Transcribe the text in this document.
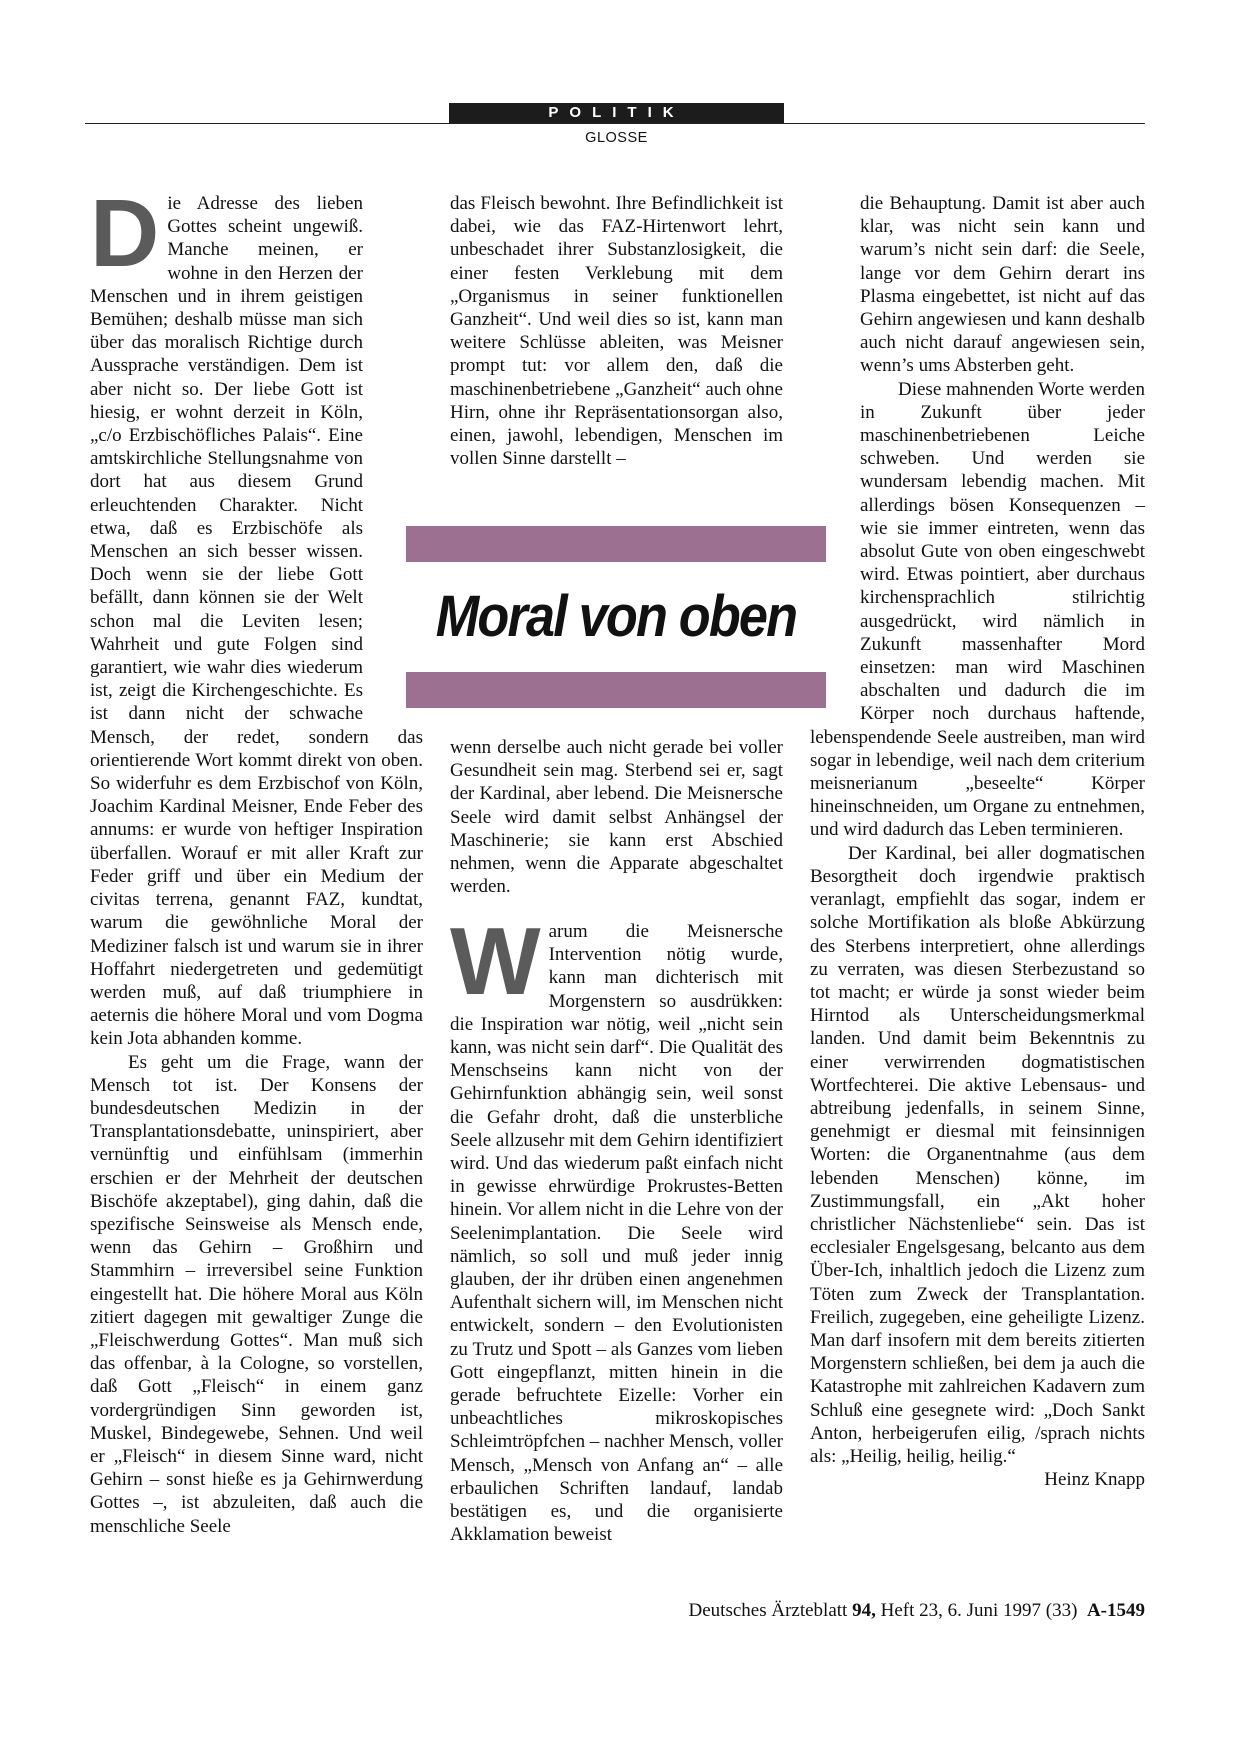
POLITIK
GLOSSE

Die Adresse des lieben Gottes scheint ungewiß. Manche meinen, er wohne in den Herzen der Menschen und in ihrem geistigen Bemühen; deshalb müsse man sich über das moralisch Richtige durch Aussprache verständigen. Dem ist aber nicht so. Der liebe Gott ist hiesig, er wohnt derzeit in Köln, „c/o Erzbischöfliches Palais“. Eine amtskirchliche Stellungsnahme von dort hat aus diesem Grund erleuchtenden Charakter. Nicht etwa, daß es Erzbischöfe als Menschen an sich besser wissen. Doch wenn sie der liebe Gott befällt, dann können sie der Welt schon mal die Leviten lesen; Wahrheit und gute Folgen sind garantiert, wie wahr dies wiederum ist, zeigt die Kirchengeschichte. Es ist dann nicht der schwache Mensch, der redet, sondern das orientierende Wort kommt direkt von oben. So widerfuhr es dem Erzbischof von Köln, Joachim Kardinal Meisner, Ende Feber des annums: er wurde von heftiger Inspiration überfallen. Worauf er mit aller Kraft zur Feder griff und über ein Medium der civitas terrena, genannt FAZ, kundtat, warum die gewöhnliche Moral der Mediziner falsch ist und warum sie in ihrer Hoffahrt niedergetreten und gedemütigt werden muß, auf daß triumphiere in aeternis die höhere Moral und vom Dogma kein Jota abhanden komme.

Es geht um die Frage, wann der Mensch tot ist. Der Konsens der bundesdeutschen Medizin in der Transplantationsdebatte, uninspiriert, aber vernünftig und einfühlsam (immerhin erschien er der Mehrheit der deutschen Bischöfe akzeptabel), ging dahin, daß die spezifische Seinsweise als Mensch ende, wenn das Gehirn – Großhirn und Stammhirn – irreversibel seine Funktion eingestellt hat. Die höhere Moral aus Köln zitiert dagegen mit gewaltiger Zunge die „Fleischwerdung Gottes“. Man muß sich das offenbar, à la Cologne, so vorstellen, daß Gott „Fleisch“ in einem ganz vordergründigen Sinn geworden ist, Muskel, Bindegewebe, Sehnen. Und weil er „Fleisch“ in diesem Sinne ward, nicht Gehirn – sonst hieße es ja Gehirnwerdung Gottes –, ist abzuleiten, daß auch die menschliche Seele

das Fleisch bewohnt. Ihre Befindlichkeit ist dabei, wie das FAZ-Hirtenwort lehrt, unbeschadet ihrer Substanzlosigkeit, die einer festen Verklebung mit dem „Organismus in seiner funktionellen Ganzheit“. Und weil dies so ist, kann man weitere Schlüsse ableiten, was Meisner prompt tut: vor allem den, daß die maschinenbetriebene „Ganzheit“ auch ohne Hirn, ohne ihr Repräsentationsorgan also, einen, jawohl, lebendigen, Menschen im vollen Sinne darstellt –

Moral von oben

wenn derselbe auch nicht gerade bei voller Gesundheit sein mag. Sterbend sei er, sagt der Kardinal, aber lebend. Die Meisnersche Seele wird damit selbst Anhängsel der Maschinerie; sie kann erst Abschied nehmen, wenn die Apparate abgeschaltet werden.

Warum die Meisnersche Intervention nötig wurde, kann man dichterisch mit Morgenstern so ausdrükken: die Inspiration war nötig, weil „nicht sein kann, was nicht sein darf“. Die Qualität des Menschseins kann nicht von der Gehirnfunktion abhängig sein, weil sonst die Gefahr droht, daß die unsterbliche Seele allzusehr mit dem Gehirn identifiziert wird. Und das wiederum paßt einfach nicht in gewisse ehrwürdige Prokrustes-Betten hinein. Vor allem nicht in die Lehre von der Seelenimplantation. Die Seele wird nämlich, so soll und muß jeder innig glauben, der ihr drüben einen angenehmen Aufenthalt sichern will, im Menschen nicht entwickelt, sondern – den Evolutionisten zu Trutz und Spott – als Ganzes vom lieben Gott eingepflanzt, mitten hinein in die gerade befruchtete Eizelle: Vorher ein unbeachtliches mikroskopisches Schleimtröpfchen – nachher Mensch, voller Mensch, „Mensch von Anfang an“ – alle erbaulichen Schriften landauf, landab bestätigen es, und die organisierte Akklamation beweist

die Behauptung. Damit ist aber auch klar, was nicht sein kann und warum’s nicht sein darf: die Seele, lange vor dem Gehirn derart ins Plasma eingebettet, ist nicht auf das Gehirn angewiesen und kann deshalb auch nicht darauf angewiesen sein, wenn’s ums Absterben geht.

Diese mahnenden Worte werden in Zukunft über jeder maschinenbetriebenen Leiche schweben. Und werden sie wundersam lebendig machen. Mit allerdings bösen Konsequenzen – wie sie immer eintreten, wenn das absolut Gute von oben eingeschwebt wird. Etwas pointiert, aber durchaus kirchensprachlich stilrichtig ausgedrückt, wird nämlich in Zukunft massenhafter Mord einsetzen: man wird Maschinen abschalten und dadurch die im Körper noch durchaus haftende, lebenspendende Seele austreiben, man wird sogar in lebendige, weil nach dem criterium meisnerianum „beseelte“ Körper hineinschneiden, um Organe zu entnehmen, und wird dadurch das Leben terminieren.

Der Kardinal, bei aller dogmatischen Besorgtheit doch irgendwie praktisch veranlagt, empfiehlt das sogar, indem er solche Mortifikation als bloße Abkürzung des Sterbens interpretiert, ohne allerdings zu verraten, was diesen Sterbezustand so tot macht; er würde ja sonst wieder beim Hirntod als Unterscheidungsmerkmal landen. Und damit beim Bekenntnis zu einer verwirrenden dogmatistischen Wortfechterei. Die aktive Lebensaus- und abtreibung jedenfalls, in seinem Sinne, genehmigt er diesmal mit feinsinnigen Worten: die Organentnahme (aus dem lebenden Menschen) könne, im Zustimmungsfall, ein „Akt hoher christlicher Nächstenliebe“ sein. Das ist ecclesialer Engelsgesang, belcanto aus dem Über-Ich, inhaltlich jedoch die Lizenz zum Töten zum Zweck der Transplantation. Freilich, zugegeben, eine geheiligte Lizenz. Man darf insofern mit dem bereits zitierten Morgenstern schließen, bei dem ja auch die Katastrophe mit zahlreichen Kadavern zum Schluß eine gesegnete wird: „Doch Sankt Anton, herbeigerufen eilig, /sprach nichts als: „Heilig, heilig, heilig.“
Heinz Knapp

Deutsches Ärzteblatt 94, Heft 23, 6. Juni 1997 (33) A-1549
